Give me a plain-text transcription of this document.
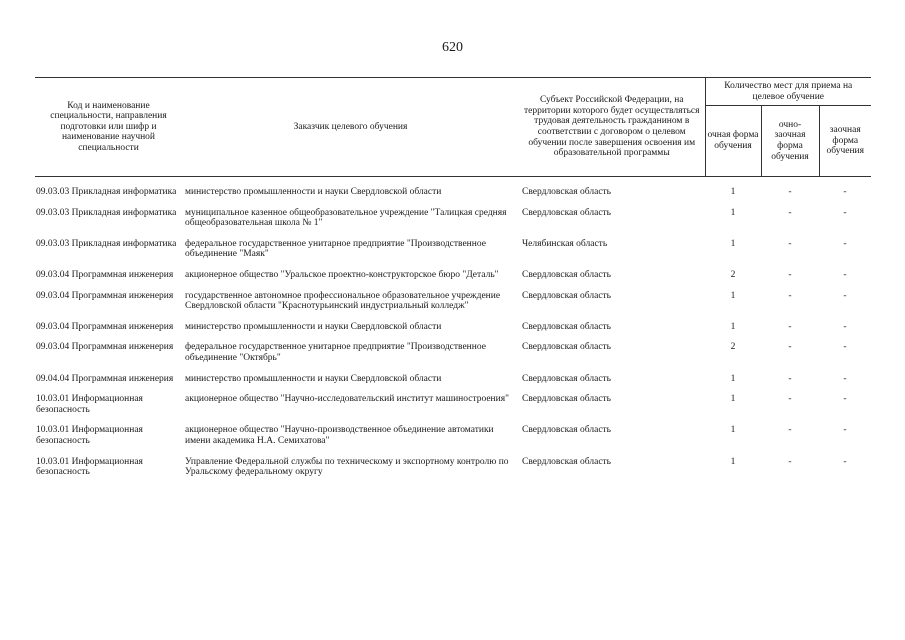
620
Код и наименование специальности, направления подготовки или шифр и наименование научной специальности	Заказчик целевого обучения	Субъект Российской Федерации, на территории которого будет осуществляться трудовая деятельность гражданином в соответствии с договором о целевом обучении после завершения освоения им образовательной программы	Количество мест для приема на целевое обучение		
			очная форма обучения	очно-заочная форма обучения	заочная форма обучения

09.03.03 Прикладная информатика	министерство промышленности и науки Свердловской области	Свердловская область	1	-	-
09.03.03 Прикладная информатика	муниципальное казенное общеобразовательное учреждение "Талицкая средняя общеобразовательная школа № 1"	Свердловская область	1	-	-
09.03.03 Прикладная информатика	федеральное государственное унитарное предприятие "Производственное объединение "Маяк"	Челябинская область	1	-	-
09.03.04 Программная инженерия	акционерное общество "Уральское проектно-конструкторское бюро "Деталь"	Свердловская область	2	-	-
09.03.04 Программная инженерия	государственное автономное профессиональное образовательное учреждение Свердловской области "Краснотурьинский индустриальный колледж"	Свердловская область	1	-	-
09.03.04 Программная инженерия	министерство промышленности и науки Свердловской области	Свердловская область	1	-	-
09.03.04 Программная инженерия	федеральное государственное унитарное предприятие "Производственное объединение "Октябрь"	Свердловская область	2	-	-
09.04.04 Программная инженерия	министерство промышленности и науки Свердловской области	Свердловская область	1	-	-
10.03.01 Информационная безопасность	акционерное общество "Научно-исследовательский институт машиностроения"	Свердловская область	1	-	-
10.03.01 Информационная безопасность	акционерное общество "Научно-производственное объединение автоматики имени академика Н.А. Семихатова"	Свердловская область	1	-	-
10.03.01 Информационная безопасность	Управление Федеральной службы по техническому и экспортному контролю по Уральскому федеральному округу	Свердловская область	1	-	-
